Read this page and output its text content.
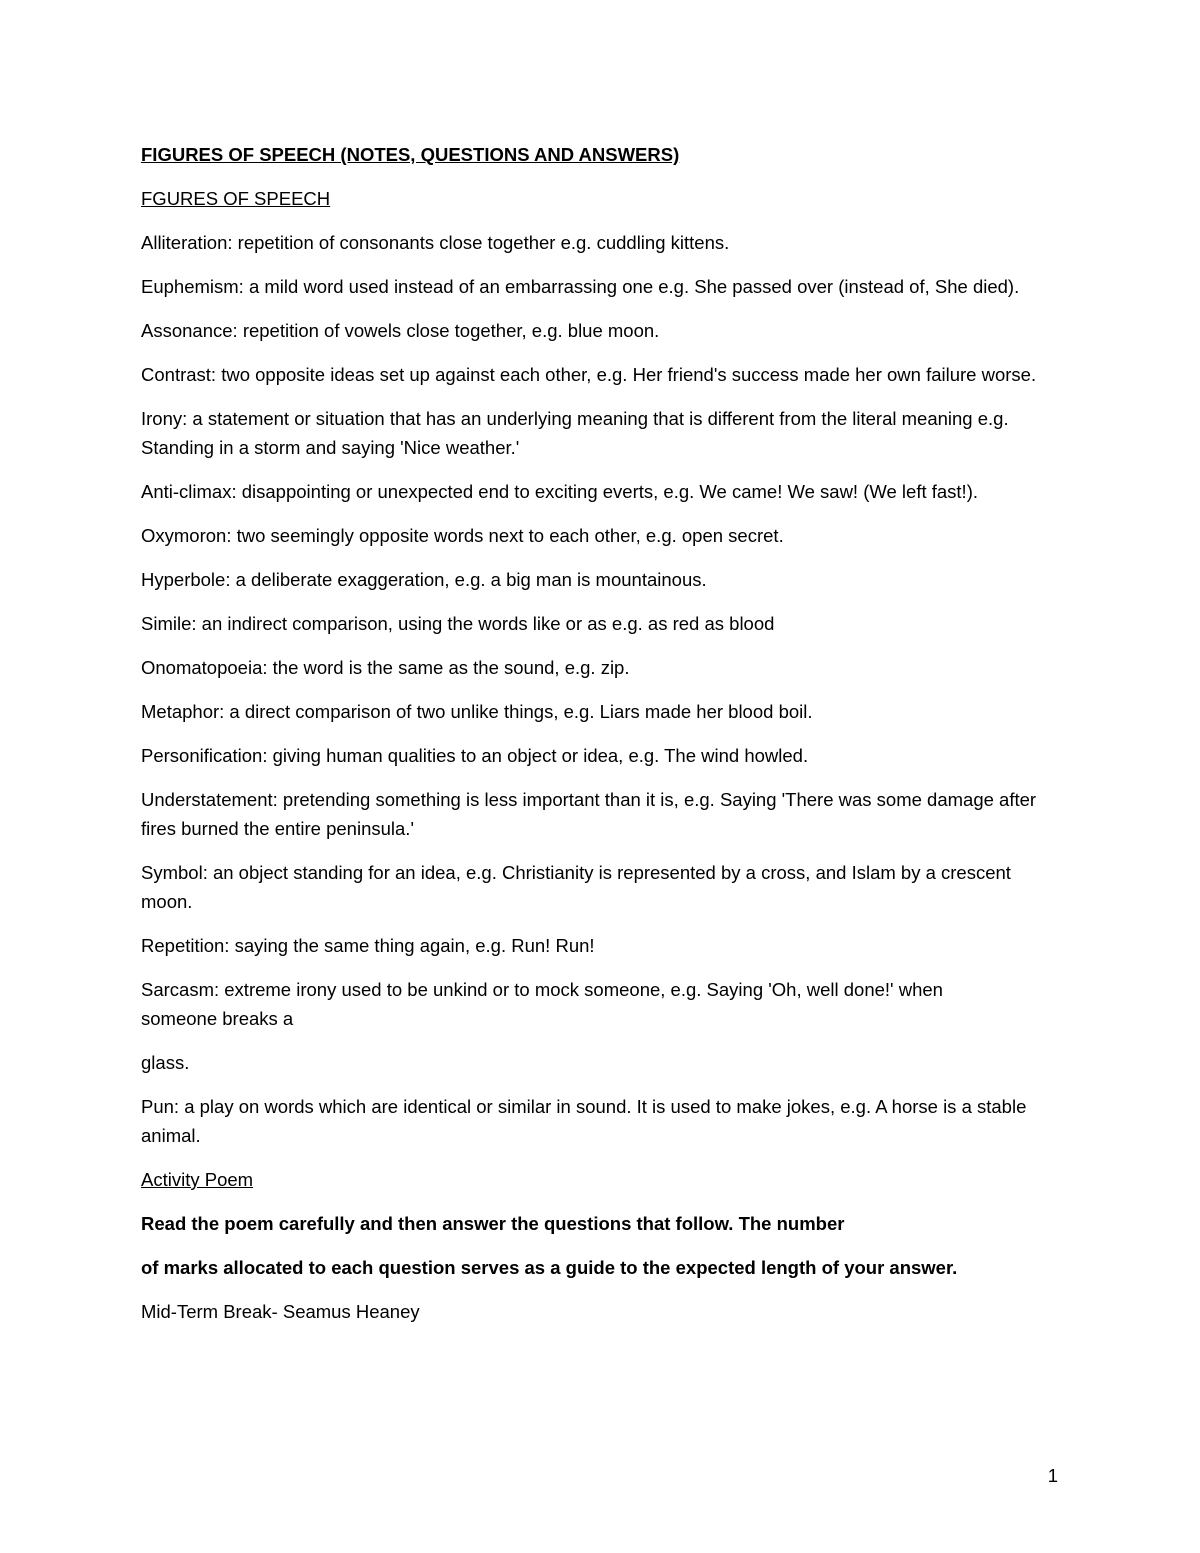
FIGURES OF SPEECH (NOTES, QUESTIONS AND ANSWERS)

FGURES OF SPEECH

Alliteration: repetition of consonants close together e.g. cuddling kittens.

Euphemism: a mild word used instead of an embarrassing one e.g. She passed over (instead of, She died).

Assonance: repetition of vowels close together, e.g. blue moon.

Contrast: two opposite ideas set up against each other, e.g. Her friend's success made her own failure worse.

Irony: a statement or situation that has an underlying meaning that is different from the literal meaning e.g. Standing in a storm and saying 'Nice weather.'

Anti-climax: disappointing or unexpected end to exciting everts, e.g. We came! We saw! (We left fast!).

Oxymoron: two seemingly opposite words next to each other, e.g. open secret.

Hyperbole: a deliberate exaggeration, e.g. a big man is mountainous.

Simile: an indirect comparison, using the words like or as e.g. as red as blood

Onomatopoeia: the word is the same as the sound, e.g. zip.

Metaphor: a direct comparison of two unlike things, e.g. Liars made her blood boil.

Personification: giving human qualities to an object or idea, e.g. The wind howled.

Understatement: pretending something is less important than it is, e.g. Saying 'There was some damage after fires burned the entire peninsula.'

Symbol: an object standing for an idea, e.g. Christianity is represented by a cross, and Islam by a crescent moon.

Repetition: saying the same thing again, e.g. Run! Run!

Sarcasm: extreme irony used to be unkind or to mock someone, e.g. Saying 'Oh, well done!' when
someone breaks a

glass.

Pun: a play on words which are identical or similar in sound. It is used to make jokes, e.g. A horse is a stable animal.

Activity Poem

Read the poem carefully and then answer the questions that follow. The number

of marks allocated to each question serves as a guide to the expected length of your answer.

Mid-Term Break- Seamus Heaney

1
